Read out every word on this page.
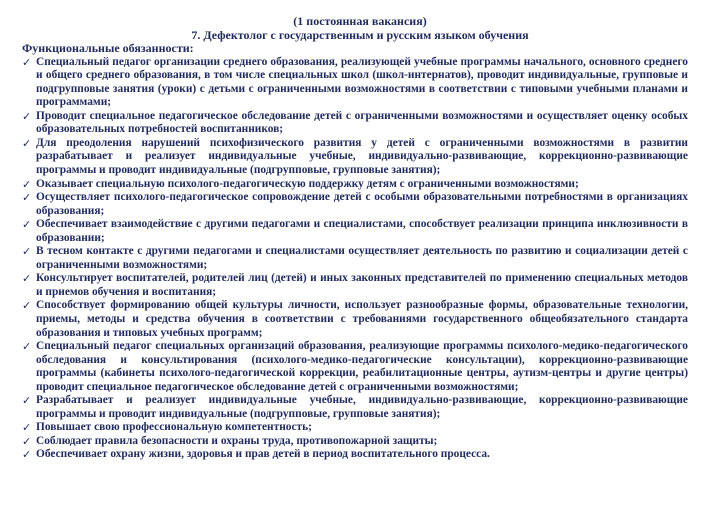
(1 постоянная вакансия)
7. Дефектолог с государственным и русским языком обучения
Функциональные обязанности:
✓ Специальный педагог организации среднего образования, реализующей учебные программы начального, основного среднего и общего среднего образования, в том числе специальных школ (школ-интернатов), проводит индивидуальные, групповые и подгрупповые занятия (уроки) с детьми с ограниченными возможностями в соответствии с типовыми учебными планами и программами;
✓ Проводит специальное педагогическое обследование детей с ограниченными возможностями и осуществляет оценку особых образовательных потребностей воспитанников;
✓ Для преодоления нарушений психофизического развития у детей с ограниченными возможностями в развитии разрабатывает и реализует индивидуальные учебные, индивидуально-развивающие, коррекционно-развивающие программы и проводит индивидуальные (подгрупповые, групповые занятия);
✓ Оказывает специальную психолого-педагогическую поддержку детям с ограниченными возможностями;
✓ Осуществляет психолого-педагогическое сопровождение детей с особыми образовательными потребностями в организациях образования;
✓ Обеспечивает взаимодействие с другими педагогами и специалистами, способствует реализации принципа инклюзивности в образовании;
✓ В тесном контакте с другими педагогами и специалистами осуществляет деятельность по развитию и социализации детей с ограниченными возможностями;
✓ Консультирует воспитателей, родителей лиц (детей) и иных законных представителей по применению специальных методов и приемов обучения и воспитания;
✓ Способствует формированию общей культуры личности, использует разнообразные формы, образовательные технологии, приемы, методы и средства обучения в соответствии с требованиями государственного общеобязательного стандарта образования и типовых учебных программ;
✓ Специальный педагог специальных организаций образования, реализующие программы психолого-медико-педагогического обследования и консультирования (психолого-медико-педагогические консультации), коррекционно-развивающие программы (кабинеты психолого-педагогической коррекции, реабилитационные центры, аутизм-центры и другие центры) проводит специальное педагогическое обследование детей с ограниченными возможностями;
✓ Разрабатывает и реализует индивидуальные учебные, индивидуально-развивающие, коррекционно-развивающие программы и проводит индивидуальные (подгрупповые, групповые занятия);
✓ Повышает свою профессиональную компетентность;
✓ Соблюдает правила безопасности и охраны труда, противопожарной защиты;
✓ Обеспечивает охрану жизни, здоровья и прав детей в период воспитательного процесса.
